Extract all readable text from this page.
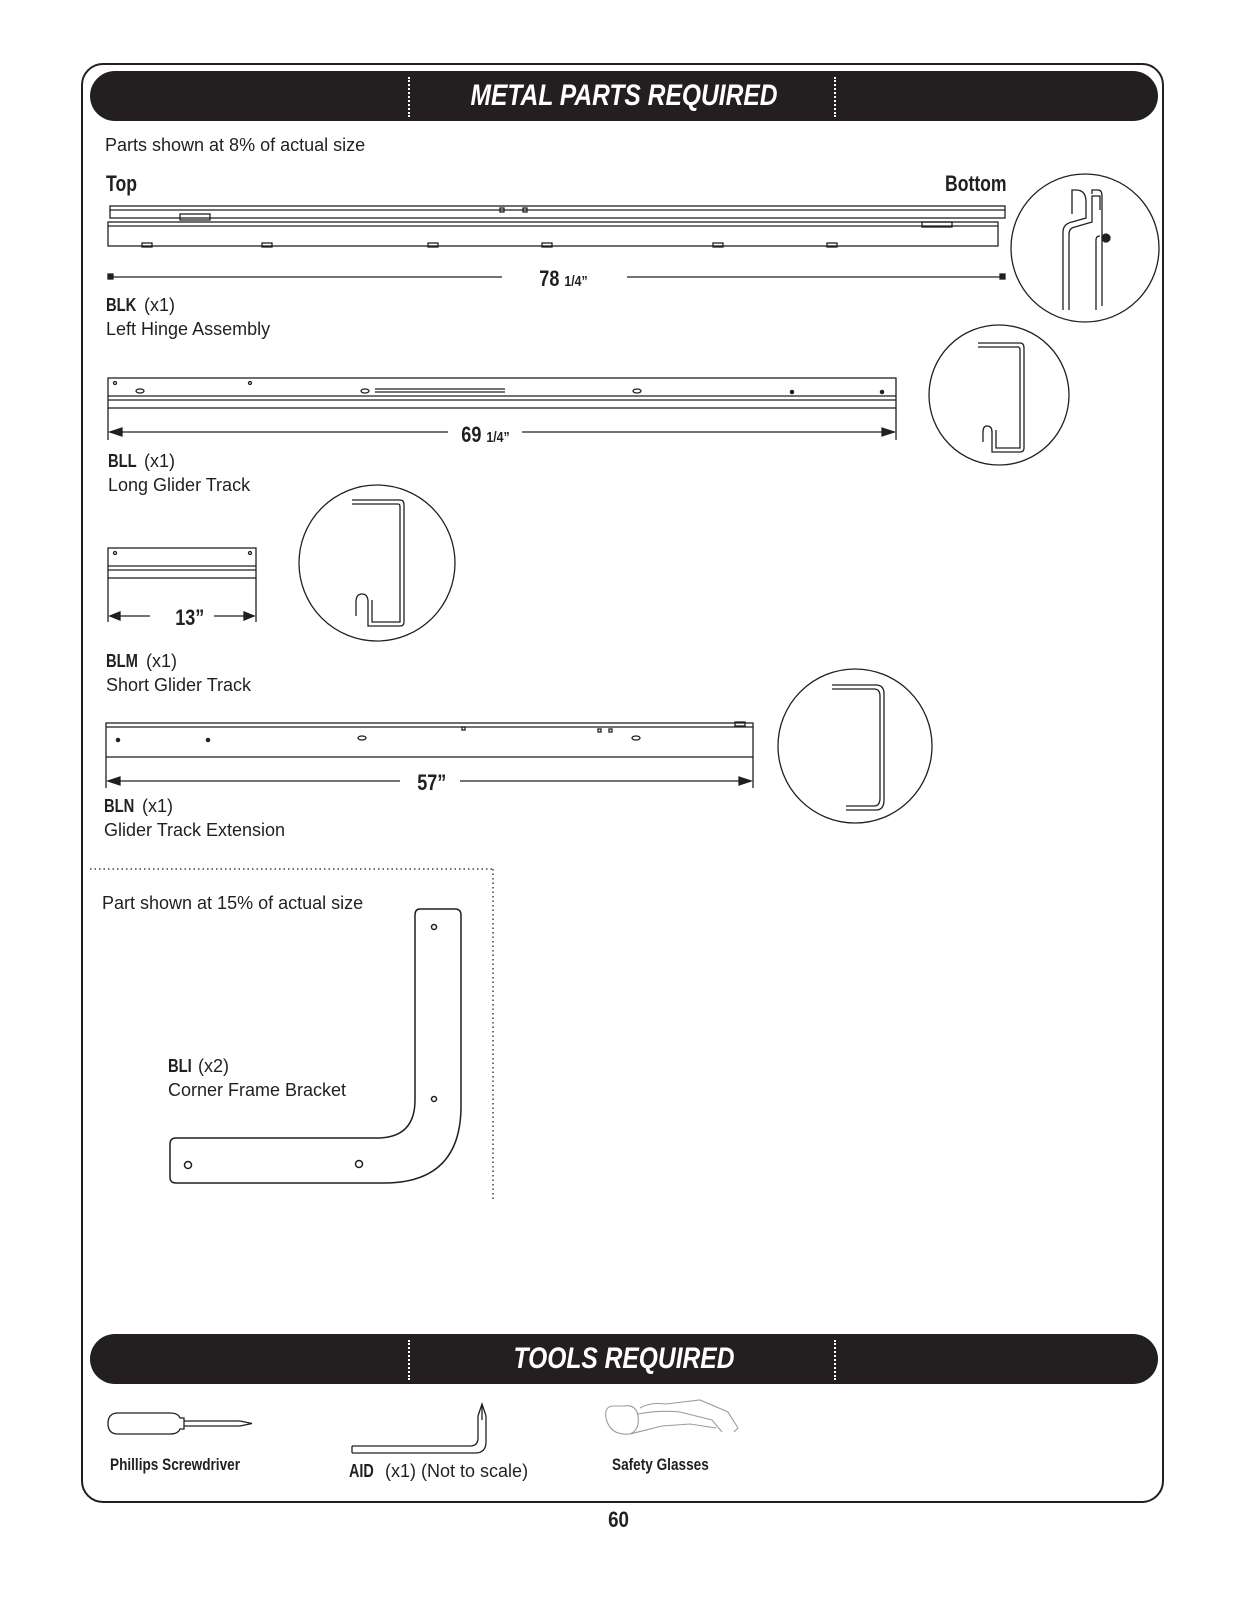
METAL PARTS REQUIRED
Parts shown at 8% of actual size
Top	Bottom
78 1/4”
BLK (x1)
Left Hinge Assembly
69 1/4”
BLL (x1)
Long Glider Track
13”
BLM (x1)
Short Glider Track
57”
BLN (x1)
Glider Track Extension
Part shown at 15% of actual size
BLI (x2)
Corner Frame Bracket
TOOLS REQUIRED
Phillips Screwdriver	AID (x1) (Not to scale)	Safety Glasses
60
